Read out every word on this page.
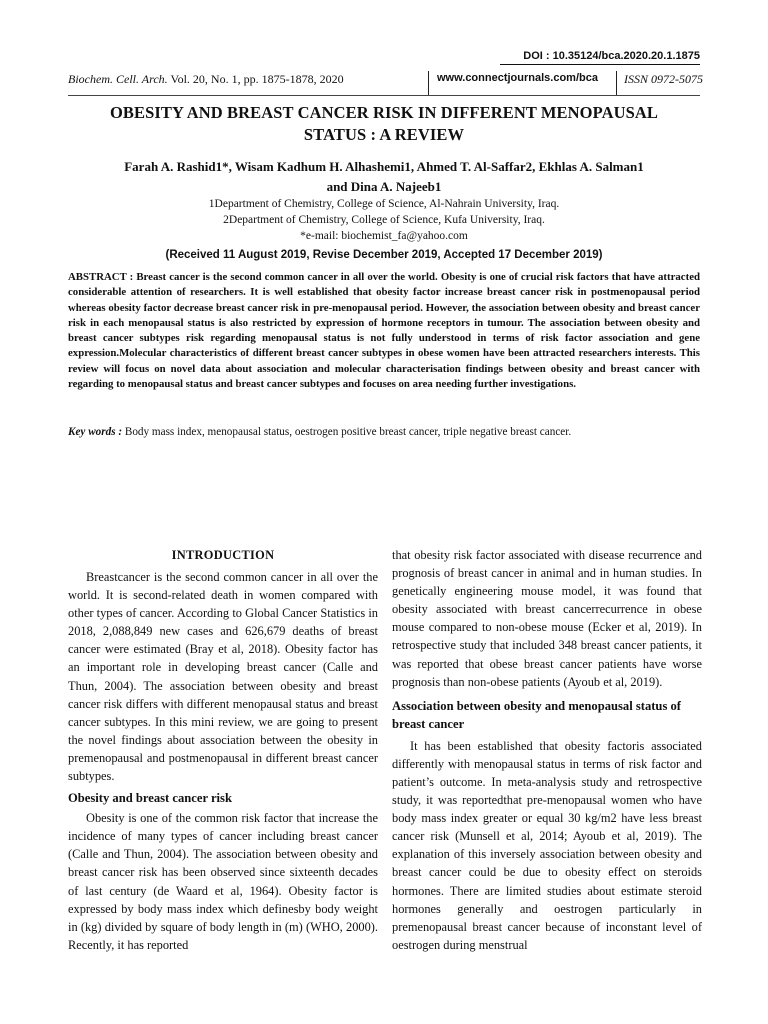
DOI : 10.35124/bca.2020.20.1.1875
Biochem. Cell. Arch. Vol. 20, No. 1, pp. 1875-1878, 2020	www.connectjournals.com/bca ISSN 0972-5075
OBESITY AND BREAST CANCER RISK IN DIFFERENT MENOPAUSAL
STATUS : A REVIEW
Farah A. Rashid1*, Wisam Kadhum H. Alhashemi1, Ahmed T. Al-Saffar2, Ekhlas A. Salman1
and Dina A. Najeeb1
1Department of Chemistry, College of Science, Al-Nahrain University, Iraq.
2Department of Chemistry, College of Science, Kufa University, Iraq.
*e-mail: biochemist_fa@yahoo.com
(Received 11 August 2019, Revise December 2019, Accepted 17 December 2019)

ABSTRACT : Breast cancer is the second common cancer in all over the world. Obesity is one of crucial risk factors that have attracted considerable attention of researchers. It is well established that obesity factor increase breast cancer risk in postmenopausal period whereas obesity factor decrease breast cancer risk in pre-menopausal period. However, the association between obesity and breast cancer risk in each menopausal status is also restricted by expression of hormone receptors in tumour. The association between obesity and breast cancer subtypes risk regarding menopausal status is not fully understood in terms of risk factor association and gene expression.Molecular characteristics of different breast cancer subtypes in obese women have been attracted researchers interests. This review will focus on novel data about association and molecular characterisation findings between obesity and breast cancer with regarding to menopausal status and breast cancer subtypes and focuses on area needing further investigations.

Key words : Body mass index, menopausal status, oestrogen positive breast cancer, triple negative breast cancer.

INTRODUCTION

Breastcancer is the second common cancer in all over the world. It is second-related death in women compared with other types of cancer. According to Global Cancer Statistics in 2018, 2,088,849 new cases and 626,679 deaths of breast cancer were estimated (Bray et al, 2018). Obesity factor has an important role in developing breast cancer (Calle and Thun, 2004). The association between obesity and breast cancer risk differs with different menopausal status and breast cancer subtypes. In this mini review, we are going to present the novel findings about association between the obesity in premenopausal and postmenopausal in different breast cancer subtypes.

Obesity and breast cancer risk

Obesity is one of the common risk factor that increase the incidence of many types of cancer including breast cancer (Calle and Thun, 2004). The association between obesity and breast cancer risk has been observed since sixteenth decades of last century (de Waard et al, 1964). Obesity factor is expressed by body mass index which definesby body weight in (kg) divided by square of body length in (m) (WHO, 2000). Recently, it has reported

that obesity risk factor associated with disease recurrence and prognosis of breast cancer in animal and in human studies. In genetically engineering mouse model, it was found that obesity associated with breast cancerrecurrence in obese mouse compared to non-obese mouse (Ecker et al, 2019). In retrospective study that included 348 breast cancer patients, it was reported that obese breast cancer patients have worse prognosis than non-obese patients (Ayoub et al, 2019).

Association between obesity and menopausal status of breast cancer

It has been established that obesity factoris associated differently with menopausal status in terms of risk factor and patient’s outcome. In meta-analysis study and retrospective study, it was reportedthat pre-menopausal women who have body mass index greater or equal 30 kg/m2 have less breast cancer risk (Munsell et al, 2014; Ayoub et al, 2019). The explanation of this inversely association between obesity and breast cancer could be due to obesity effect on steroids hormones. There are limited studies about estimate steroid hormones generally and oestrogen particularly in premenopausal breast cancer because of inconstant level of oestrogen during menstrual
